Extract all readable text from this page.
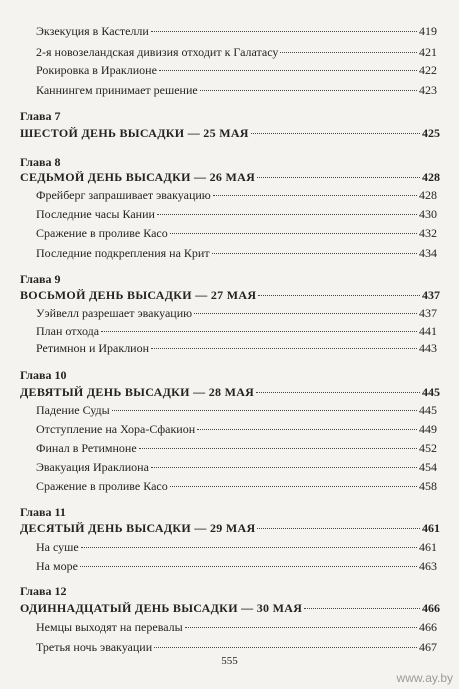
Экзекуция в Кастелли	419
2-я новозеландская дивизия отходит к Галатасу	421
Рокировка в Ираклионе	422
Каннингем принимает решение	423
Глава 7
ШЕСТОЙ ДЕНЬ ВЫСАДКИ — 25 МАЯ	425
Глава 8
СЕДЬМОЙ ДЕНЬ ВЫСАДКИ — 26 МАЯ	428
Фрейберг запрашивает эвакуацию	428
Последние часы Кании	430
Сражение в проливе Касо	432
Последние подкрепления на Крит	434
Глава 9
ВОСЬМОЙ ДЕНЬ ВЫСАДКИ — 27 МАЯ	437
Уэйвелл разрешает эвакуацию	437
План отхода	441
Ретимнон и Ираклион	443
Глава 10
ДЕВЯТЫЙ ДЕНЬ ВЫСАДКИ — 28 МАЯ	445
Падение Суды	445
Отступление на Хора-Сфакион	449
Финал в Ретимноне	452
Эвакуация Ираклиона	454
Сражение в проливе Касо	458
Глава 11
ДЕСЯТЫЙ ДЕНЬ ВЫСАДКИ — 29 МАЯ	461
На суше	461
На море	463
Глава 12
ОДИННАДЦАТЫЙ ДЕНЬ ВЫСАДКИ — 30 МАЯ	466
Немцы выходят на перевалы	466
Третья ночь эвакуации	467
555
www.ay.by
